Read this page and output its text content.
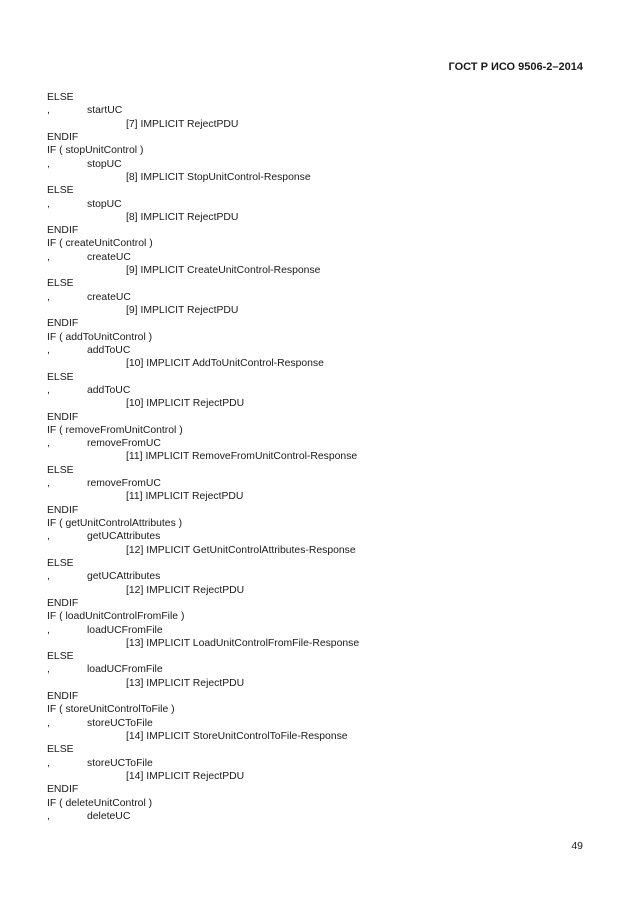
ГОСТ Р ИСО 9506-2–2014
ELSE
,	startUC
[7] IMPLICIT RejectPDU
ENDIF
IF ( stopUnitControl )
,	stopUC
[8] IMPLICIT StopUnitControl-Response
ELSE
,	stopUC
[8] IMPLICIT RejectPDU
ENDIF
IF ( createUnitControl )
,	createUC
[9] IMPLICIT CreateUnitControl-Response
ELSE
,	createUC
[9] IMPLICIT RejectPDU
ENDIF
IF ( addToUnitControl )
,	addToUC
[10] IMPLICIT AddToUnitControl-Response
ELSE
,	addToUC
[10] IMPLICIT RejectPDU
ENDIF
IF ( removeFromUnitControl )
,	removeFromUC
[11] IMPLICIT RemoveFromUnitControl-Response
ELSE
,	removeFromUC
[11] IMPLICIT RejectPDU
ENDIF
IF ( getUnitControlAttributes )
,	getUCAttributes
[12] IMPLICIT GetUnitControlAttributes-Response
ELSE
,	getUCAttributes
[12] IMPLICIT RejectPDU
ENDIF
IF ( loadUnitControlFromFile )
,	loadUCFromFile
[13] IMPLICIT LoadUnitControlFromFile-Response
ELSE
,	loadUCFromFile
[13] IMPLICIT RejectPDU
ENDIF
IF ( storeUnitControlToFile )
,	storeUCToFile
[14] IMPLICIT StoreUnitControlToFile-Response
ELSE
,	storeUCToFile
[14] IMPLICIT RejectPDU
ENDIF
IF ( deleteUnitControl )
,	deleteUC
49
